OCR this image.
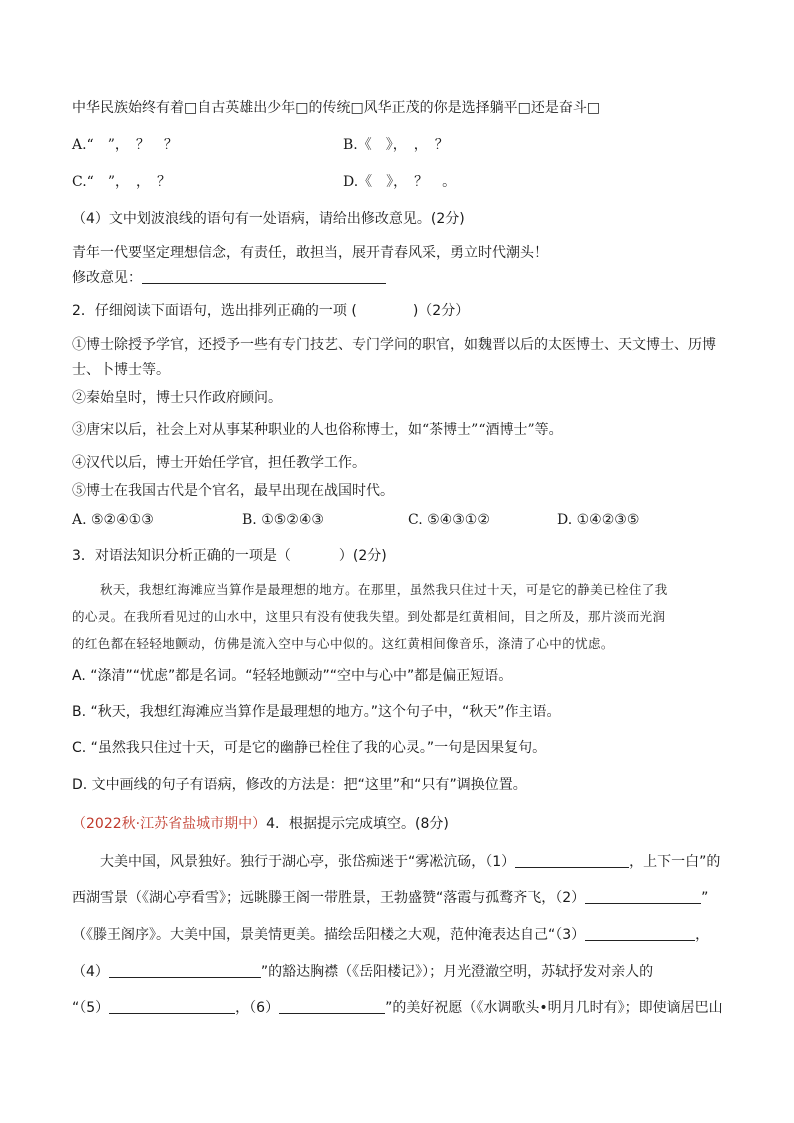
中华民族始终有着□自古英雄出少年□的传统□风华正茂的你是选择躺平□还是奋斗□
A.“　”，　？　？	B.《　》，　，　？
C.“　”，　，　？	D.《　》，　？　。
（4）文中划波浪线的语句有一处语病，请给出修改意见。(2分)
青年一代要坚定理想信念，有责任，敢担当，展开青春风采，勇立时代潮头！
修改意见：
2．仔细阅读下面语句，选出排列正确的一项 (	)（2分）
①博士除授予学官，还授予一些有专门技艺、专门学问的职官，如魏晋以后的太医博士、天文博士、历博
士、卜博士等。
②秦始皇时，博士只作政府顾问。
③唐宋以后，社会上对从事某种职业的人也俗称博士，如“茶博士”“酒博士”等。
④汉代以后，博士开始任学官，担任教学工作。
⑤博士在我国古代是个官名，最早出现在战国时代。
A. ⑤②④①③	B. ①⑤②④③	C. ⑤④③①②	D. ①④②③⑤
3．对语法知识分析正确的一项是（	）(2分)
秋天，我想红海滩应当算作是最理想的地方。在那里，虽然我只住过十天，可是它的静美已栓住了我
的心灵。在我所看见过的山水中，这里只有没有使我失望。到处都是红黄相间，目之所及，那片淡而光润
的红色都在轻轻地颤动，仿佛是流入空中与心中似的。这红黄相间像音乐，涤清了心中的忧虑。
A. “涤清”“忧虑”都是名词。“轻轻地颤动”“空中与心中”都是偏正短语。
B. “秋天，我想红海滩应当算作是最理想的地方。”这个句子中，“秋天”作主语。
C. “虽然我只住过十天，可是它的幽静已栓住了我的心灵。”一句是因果复句。
D. 文中画线的句子有语病，修改的方法是：把“这里”和“只有”调换位置。
（2022秋·江苏省盐城市期中）4．根据提示完成填空。(8分)
大美中国，风景独好。独行于湖心亭，张岱痴迷于“雾凇沆砀，（1）	，上下一白”的
西湖雪景（《湖心亭看雪》；远眺滕王阁一带胜景，王勃盛赞“落霞与孤鹜齐飞，（2）	”
（《滕王阁序》。大美中国，景美情更美。描绘岳阳楼之大观，范仲淹表达自己“（3）	，
（4）	”的豁达胸襟（《岳阳楼记》）；月光澄澈空明，苏轼抒发对亲人的
“（5）	，（6）	”的美好祝愿（《水调歌头•明月几时有》；即使谪居巴山
